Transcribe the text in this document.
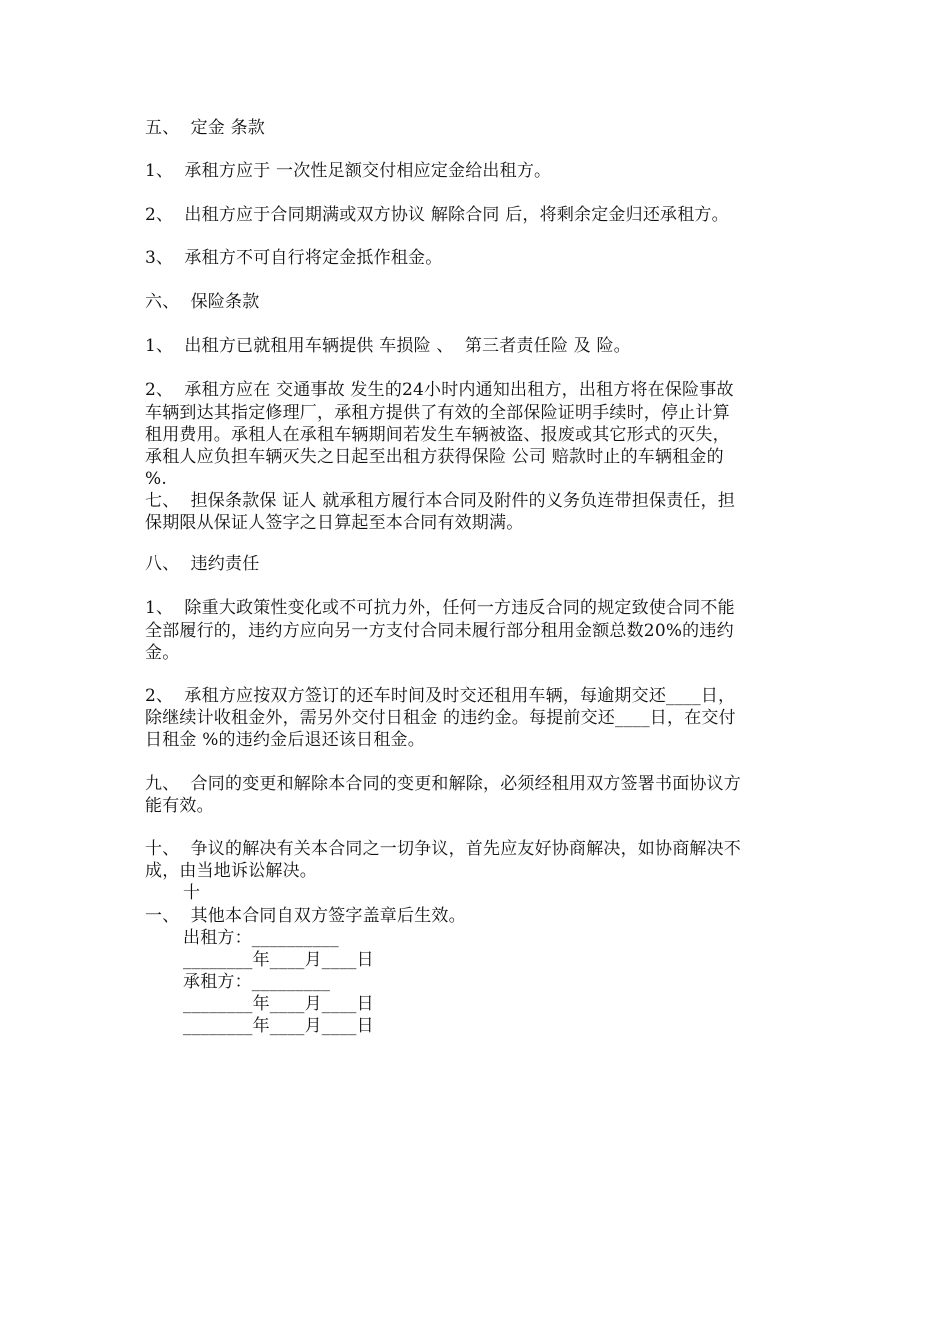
五、  定金 条款
1、  承租方应于 一次性足额交付相应定金给出租方。
2、  出租方应于合同期满或双方协议 解除合同 后，将剩余定金归还承租方。
3、  承租方不可自行将定金抵作租金。
六、  保险条款
1、  出租方已就租用车辆提供 车损险 、  第三者责任险 及 险。
2、  承租方应在 交通事故 发生的24小时内通知出租方，出租方将在保险事故
车辆到达其指定修理厂，承租方提供了有效的全部保险证明手续时，停止计算
租用费用。承租人在承租车辆期间若发生车辆被盗、报废或其它形式的灭失，
承租人应负担车辆灭失之日起至出租方获得保险 公司 赔款时止的车辆租金的
%.
七、  担保条款保 证人 就承租方履行本合同及附件的义务负连带担保责任，担
保期限从保证人签字之日算起至本合同有效期满。
八、  违约责任
1、  除重大政策性变化或不可抗力外，任何一方违反合同的规定致使合同不能
全部履行的，违约方应向另一方支付合同未履行部分租用金额总数20%的违约
金。
2、  承租方应按双方签订的还车时间及时交还租用车辆，每逾期交还____日，
除继续计收租金外，需另外交付日租金 的违约金。每提前交还____日，在交付
日租金 %的违约金后退还该日租金。
九、  合同的变更和解除本合同的变更和解除，必须经租用双方签署书面协议方
能有效。
十、  争议的解决有关本合同之一切争议，首先应友好协商解决，如协商解决不
成，由当地诉讼解决。
十
一、  其他本合同自双方签字盖章后生效。
出租方：__________
________年____月____日
承租方：_________
________年____月____日
________年____月____日
